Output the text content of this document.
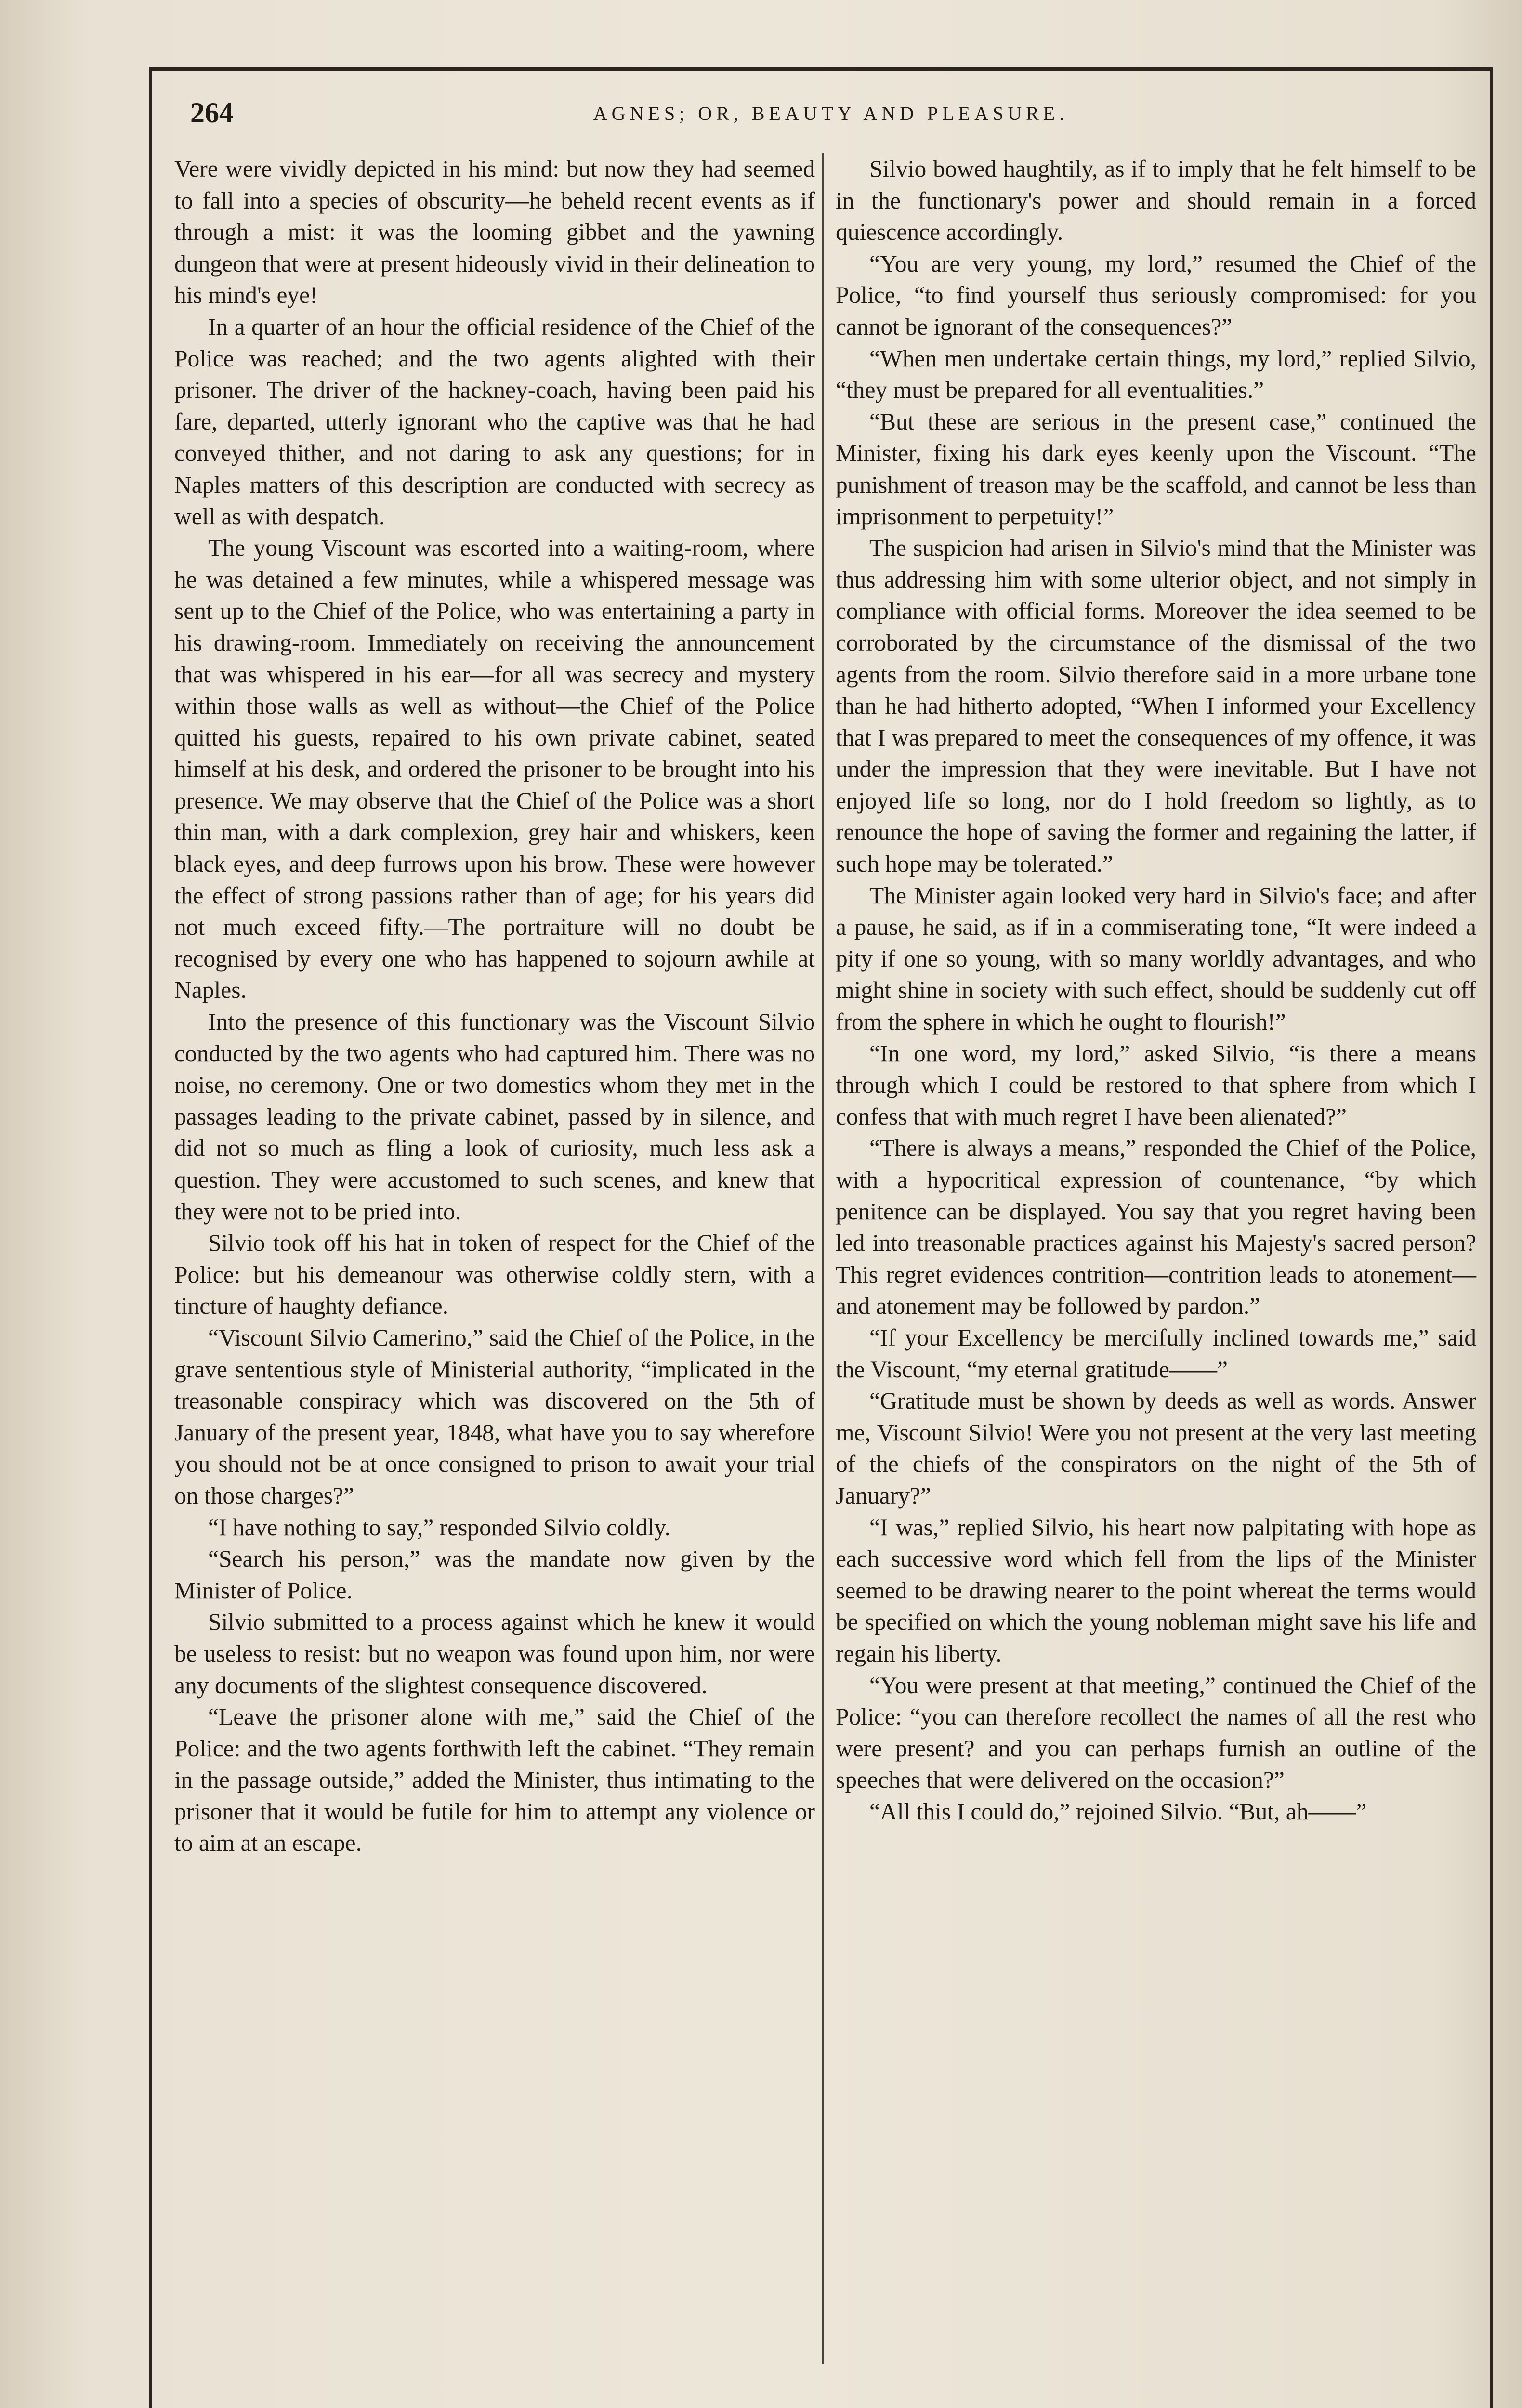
264	AGNES; OR, BEAUTY AND PLEASURE.

Vere were vividly depicted in his mind: but now they had seemed to fall into a species of obscurity—he beheld recent events as if through a mist: it was the looming gibbet and the yawning dungeon that were at present hideously vivid in their delineation to his mind's eye!

In a quarter of an hour the official residence of the Chief of the Police was reached; and the two agents alighted with their prisoner. The driver of the hackney-coach, having been paid his fare, departed, utterly ignorant who the captive was that he had conveyed thither, and not daring to ask any questions; for in Naples matters of this description are conducted with secrecy as well as with despatch.

The young Viscount was escorted into a waiting-room, where he was detained a few minutes, while a whispered message was sent up to the Chief of the Police, who was entertaining a party in his drawing-room. Immediately on receiving the announcement that was whispered in his ear—for all was secrecy and mystery within those walls as well as without—the Chief of the Police quitted his guests, repaired to his own private cabinet, seated himself at his desk, and ordered the prisoner to be brought into his presence. We may observe that the Chief of the Police was a short thin man, with a dark complexion, grey hair and whiskers, keen black eyes, and deep furrows upon his brow. These were however the effect of strong passions rather than of age; for his years did not much exceed fifty.—The portraiture will no doubt be recognised by every one who has happened to sojourn awhile at Naples.

Into the presence of this functionary was the Viscount Silvio conducted by the two agents who had captured him. There was no noise, no ceremony. One or two domestics whom they met in the passages leading to the private cabinet, passed by in silence, and did not so much as fling a look of curiosity, much less ask a question. They were accustomed to such scenes, and knew that they were not to be pried into.

Silvio took off his hat in token of respect for the Chief of the Police: but his demeanour was otherwise coldly stern, with a tincture of haughty defiance.

“Viscount Silvio Camerino,” said the Chief of the Police, in the grave sententious style of Ministerial authority, “implicated in the treasonable conspiracy which was discovered on the 5th of January of the present year, 1848, what have you to say wherefore you should not be at once consigned to prison to await your trial on those charges?”

“I have nothing to say,” responded Silvio coldly.

“Search his person,” was the mandate now given by the Minister of Police.

Silvio submitted to a process against which he knew it would be useless to resist: but no weapon was found upon him, nor were any documents of the slightest consequence discovered.

“Leave the prisoner alone with me,” said the Chief of the Police: and the two agents forthwith left the cabinet. “They remain in the passage outside,” added the Minister, thus intimating to the prisoner that it would be futile for him to attempt any violence or to aim at an escape.

Silvio bowed haughtily, as if to imply that he felt himself to be in the functionary's power and should remain in a forced quiescence accordingly.

“You are very young, my lord,” resumed the Chief of the Police, “to find yourself thus seriously compromised: for you cannot be ignorant of the consequences?”

“When men undertake certain things, my lord,” replied Silvio, “they must be prepared for all eventualities.”

“But these are serious in the present case,” continued the Minister, fixing his dark eyes keenly upon the Viscount. “The punishment of treason may be the scaffold, and cannot be less than imprisonment to perpetuity!”

The suspicion had arisen in Silvio's mind that the Minister was thus addressing him with some ulterior object, and not simply in compliance with official forms. Moreover the idea seemed to be corroborated by the circumstance of the dismissal of the two agents from the room. Silvio therefore said in a more urbane tone than he had hitherto adopted, “When I informed your Excellency that I was prepared to meet the consequences of my offence, it was under the impression that they were inevitable. But I have not enjoyed life so long, nor do I hold freedom so lightly, as to renounce the hope of saving the former and regaining the latter, if such hope may be tolerated.”

The Minister again looked very hard in Silvio's face; and after a pause, he said, as if in a commiserating tone, “It were indeed a pity if one so young, with so many worldly advantages, and who might shine in society with such effect, should be suddenly cut off from the sphere in which he ought to flourish!”

“In one word, my lord,” asked Silvio, “is there a means through which I could be restored to that sphere from which I confess that with much regret I have been alienated?”

“There is always a means,” responded the Chief of the Police, with a hypocritical expression of countenance, “by which penitence can be displayed. You say that you regret having been led into treasonable practices against his Majesty's sacred person? This regret evidences contrition—contrition leads to atonement—and atonement may be followed by pardon.”

“If your Excellency be mercifully inclined towards me,” said the Viscount, “my eternal gratitude——”

“Gratitude must be shown by deeds as well as words. Answer me, Viscount Silvio! Were you not present at the very last meeting of the chiefs of the conspirators on the night of the 5th of January?”

“I was,” replied Silvio, his heart now palpitating with hope as each successive word which fell from the lips of the Minister seemed to be drawing nearer to the point whereat the terms would be specified on which the young nobleman might save his life and regain his liberty.

“You were present at that meeting,” continued the Chief of the Police: “you can therefore recollect the names of all the rest who were present? and you can perhaps furnish an outline of the speeches that were delivered on the occasion?”

“All this I could do,” rejoined Silvio. “But, ah——”
